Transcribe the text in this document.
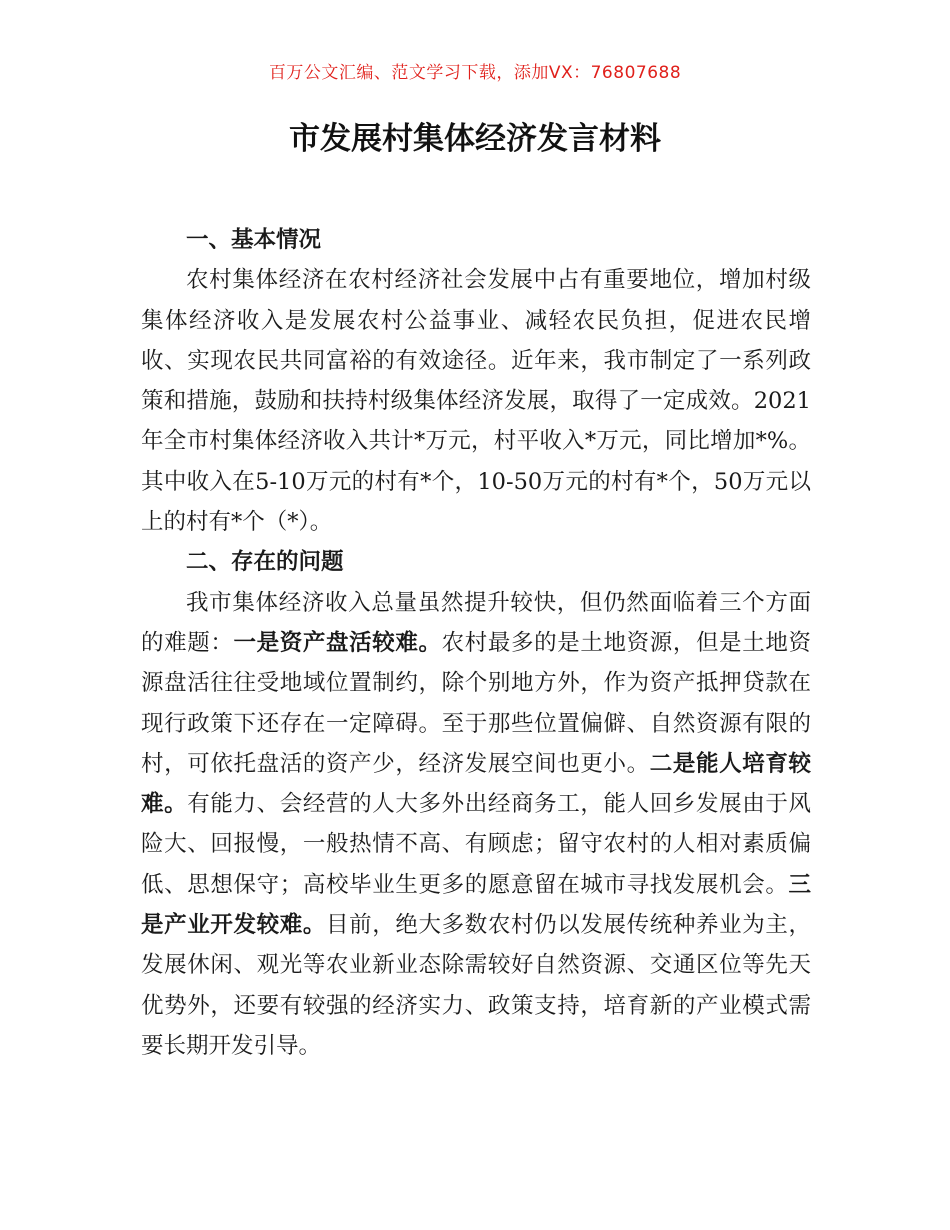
百万公文汇编、范文学习下载，添加VX：76807688
市发展村集体经济发言材料

一、基本情况

农村集体经济在农村经济社会发展中占有重要地位，增加村级集体经济收入是发展农村公益事业、减轻农民负担，促进农民增收、实现农民共同富裕的有效途径。近年来，我市制定了一系列政策和措施，鼓励和扶持村级集体经济发展，取得了一定成效。2021年全市村集体经济收入共计*万元，村平收入*万元，同比增加*%。其中收入在5-10万元的村有*个，10-50万元的村有*个，50万元以上的村有*个（*）。

二、存在的问题

我市集体经济收入总量虽然提升较快，但仍然面临着三个方面的难题：一是资产盘活较难。农村最多的是土地资源，但是土地资源盘活往往受地域位置制约，除个别地方外，作为资产抵押贷款在现行政策下还存在一定障碍。至于那些位置偏僻、自然资源有限的村，可依托盘活的资产少，经济发展空间也更小。二是能人培育较难。有能力、会经营的人大多外出经商务工，能人回乡发展由于风险大、回报慢，一般热情不高、有顾虑；留守农村的人相对素质偏低、思想保守；高校毕业生更多的愿意留在城市寻找发展机会。三是产业开发较难。目前，绝大多数农村仍以发展传统种养业为主，发展休闲、观光等农业新业态除需较好自然资源、交通区位等先天优势外，还要有较强的经济实力、政策支持，培育新的产业模式需要长期开发引导。
